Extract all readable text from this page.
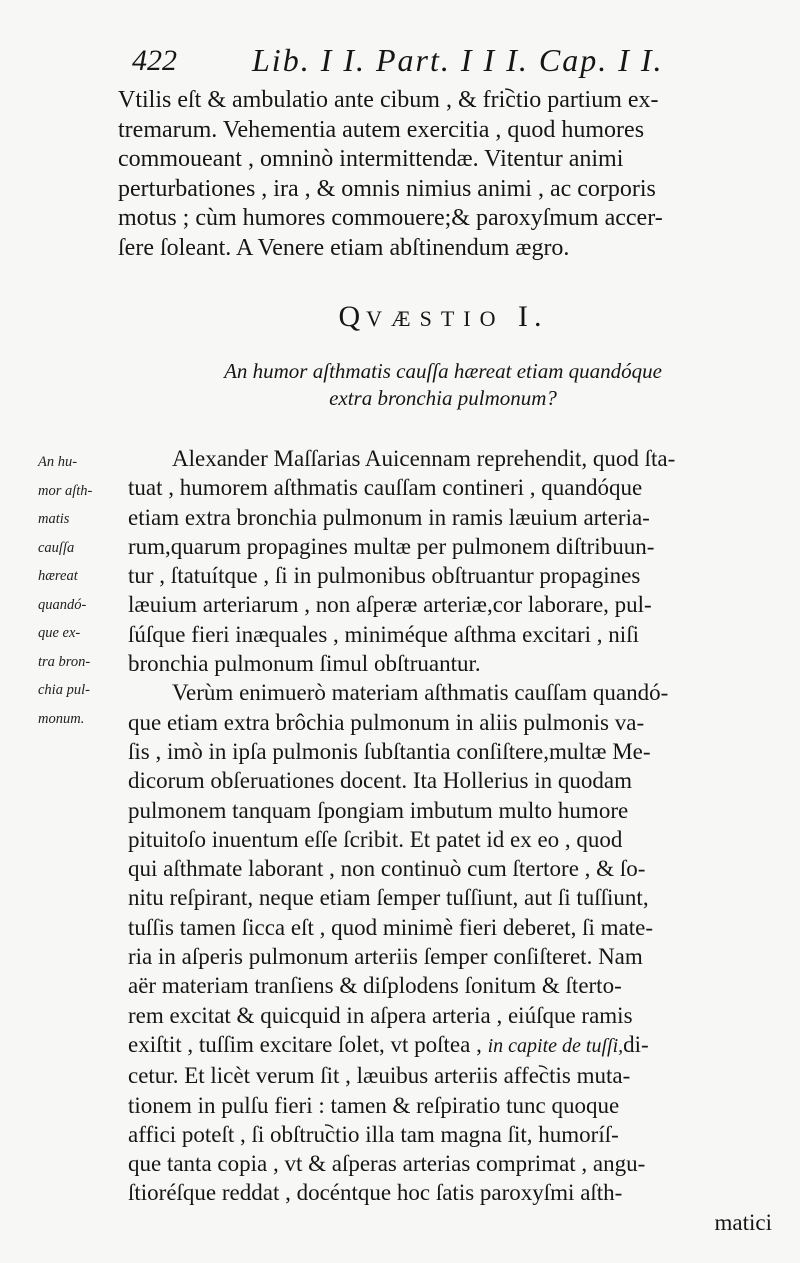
422 Lib. I I. Part. I I I. Cap. I I.
Vtilis eſt & ambulatio ante cibum , & fri︡ctio partium ex-
tremarum. Vehementia autem exercitia , quod humores
commoueant , omninò intermittendæ. Vitentur animi
perturbationes , ira , & omnis nimius animi , ac corporis
motus ; cùm humores commouere;& paroxyſmum accer-
ſere ſoleant. A Venere etiam abſtinendum ægro.
QVÆSTIO I.
An humor aſthmatis cauſſa hæreat etiam quandóque
extra bronchia pulmonum?
An hu-
mor aſth-
matis
cauſſa
hæreat
quandó-
que ex-
tra bron-
chia pul-
monum.
Alexander Maſſarias Auicennam reprehendit, quod ſta-
tuat , humorem aſthmatis cauſſam contineri , quandóque
etiam extra bronchia pulmonum in ramis læuium arteria-
rum,quarum propagines multæ per pulmonem diſtribuun-
tur , ſtatuítque , ſi in pulmonibus obſtruantur propagines
læuium arteriarum , non aſperæ arteriæ,cor laborare, pul-
ſúſque fieri inæquales , miniméque aſthma excitari , niſi
bronchia pulmonum ſimul obſtruantur.
Verùm enimuerò materiam aſthmatis cauſſam quandó-
que etiam extra brôchia pulmonum in aliis pulmonis va-
ſis , imò in ipſa pulmonis ſubſtantia conſiſtere,multæ Me-
dicorum obſeruationes docent. Ita Hollerius in quodam
pulmonem tanquam ſpongiam imbutum multo humore
pituitoſo inuentum eſſe ſcribit. Et patet id ex eo , quod
qui aſthmate laborant , non continuò cum ſtertore , & ſo-
nitu reſpirant, neque etiam ſemper tuſſiunt, aut ſi tuſſiunt,
tuſſis tamen ſicca eſt , quod minimè fieri deberet, ſi mate-
ria in aſperis pulmonum arteriis ſemper conſiſteret. Nam
aër materiam tranſiens & diſplodens ſonitum & ſterto-
rem excitat & quicquid in aſpera arteria , eiúſque ramis
exiſtit , tuſſim excitare ſolet, vt poſtea , in capite de tuſſi,di-
cetur. Et licèt verum ſit , læuibus arteriis affe︡ctis muta-
tionem in pulſu fieri : tamen & reſpiratio tunc quoque
affici poteſt , ſi obſtru︡ctio illa tam magna ſit, humoríſ-
que tanta copia , vt & aſperas arterias comprimat , angu-
ſtioréſque reddat , docéntque hoc ſatis paroxyſmi aſth-
matici
